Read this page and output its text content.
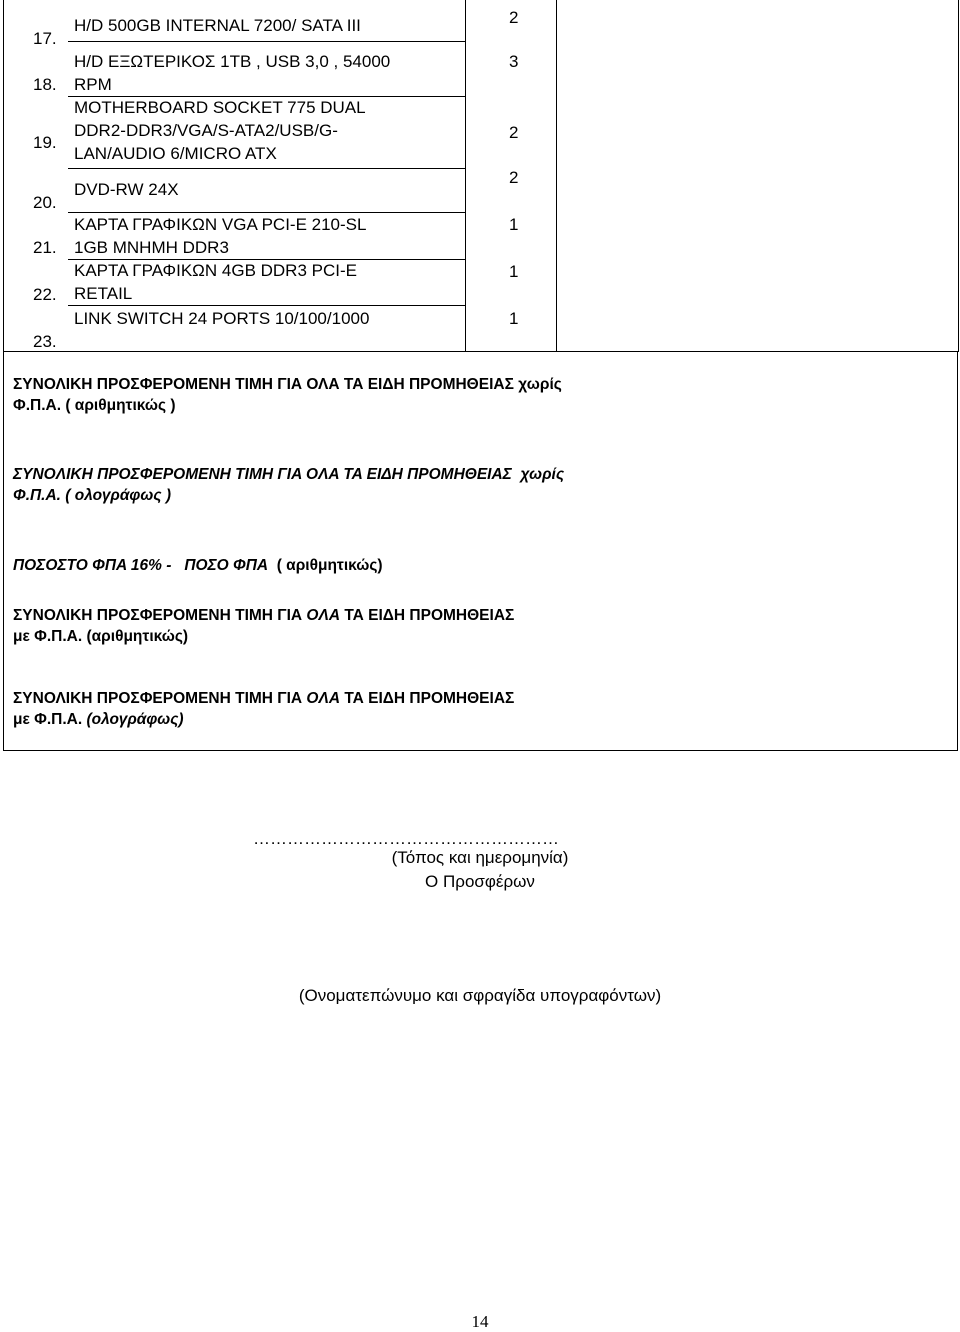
17.
18.
19.
20.
21.
22.
23.
H/D 500GB INTERNAL 7200/ SATA III
H/D ΕΞΩΤΕΡΙΚΟΣ 1TB , USB 3,0 , 54000
RPM
MOTHERBOARD SOCKET 775 DUAL
DDR2-DDR3/VGA/S-ATA2/USB/G-
LAN/AUDIO 6/MICRO ATX
DVD-RW 24X
ΚΑΡΤΑ ΓΡΑΦΙΚΩΝ VGA PCI-E 210-SL
1GB ΜΝΗΜΗ DDR3
ΚΑΡΤΑ ΓΡΑΦΙΚΩΝ 4GB DDR3 PCI-E
RETAIL
LINK SWITCH 24 PORTS 10/100/1000
2
3
2
2
1
1
1
ΣΥΝΟΛΙΚΗ ΠΡΟΣΦΕΡΟΜΕΝΗ ΤΙΜΗ ΓΙΑ ΟΛΑ ΤΑ ΕΙΔΗ ΠΡΟΜΗΘΕΙΑΣ χωρίς
Φ.Π.Α. ( αριθμητικώς )
ΣΥΝΟΛΙΚΗ ΠΡΟΣΦΕΡΟΜΕΝΗ ΤΙΜΗ ΓΙΑ ΟΛΑ ΤΑ ΕΙΔΗ ΠΡΟΜΗΘΕΙΑΣ χωρίς
Φ.Π.Α. ( ολογράφως )
ΠΟΣΟΣΤΟ ΦΠΑ 16% - ΠΟΣΟ ΦΠΑ ( αριθμητικώς)
ΣΥΝΟΛΙΚΗ ΠΡΟΣΦΕΡΟΜΕΝΗ ΤΙΜΗ ΓΙΑ ΟΛΑ ΤΑ ΕΙΔΗ ΠΡΟΜΗΘΕΙΑΣ
με Φ.Π.Α. (αριθμητικώς)
ΣΥΝΟΛΙΚΗ ΠΡΟΣΦΕΡΟΜΕΝΗ ΤΙΜΗ ΓΙΑ ΟΛΑ ΤΑ ΕΙΔΗ ΠΡΟΜΗΘΕΙΑΣ
με Φ.Π.Α. (ολογράφως)
………………………………………………
(Τόπος και ημερομηνία)
Ο Προσφέρων
(Ονοματεπώνυμο και σφραγίδα υπογραφόντων)
14
